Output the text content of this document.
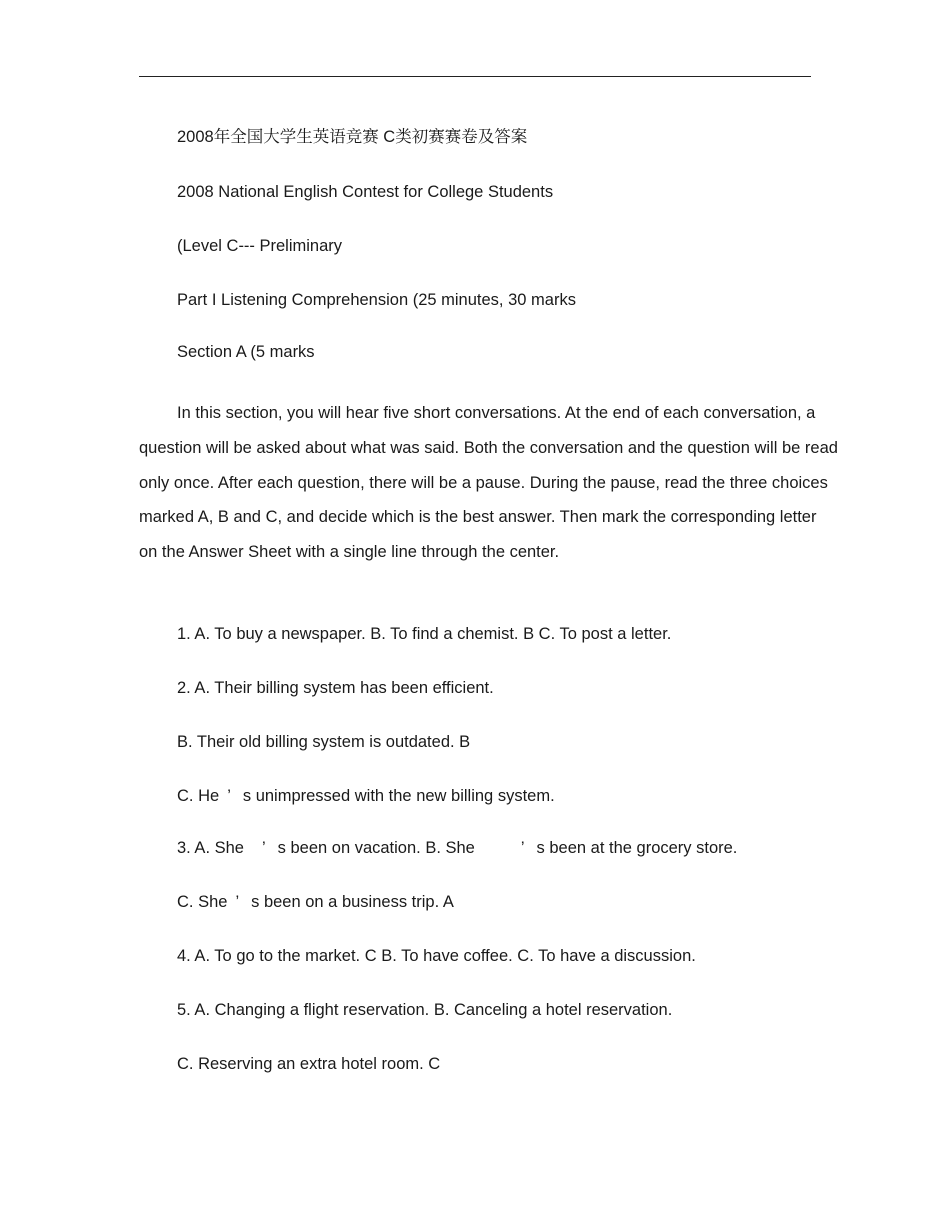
2008年全国大学生英语竞赛 C类初赛赛卷及答案
2008 National English Contest for College Students
(Level C--- Preliminary
Part I Listening Comprehension (25 minutes, 30 marks
Section A (5 marks

In this section, you will hear five short conversations. At the end of each conversation, a question will be asked about what was said. Both the conversation and the question will be read only once. After each question, there will be a pause. During the pause, read the three choices marked A, B and C, and decide which is the best answer. Then mark the corresponding letter on the Answer Sheet with a single line through the center.

1. A. To buy a newspaper. B. To find a chemist. B C. To post a letter.
2. A. Their billing system has been efficient.
B. Their old billing system is outdated. B
C. He ’ s unimpressed with the new billing system.
3. A. She ’ s been on vacation. B. She	’ s been at the grocery store.
C. She ’ s been on a business trip. A
4. A. To go to the market. C B. To have coffee. C. To have a discussion.
5. A. Changing a flight reservation. B. Canceling a hotel reservation.
C. Reserving an extra hotel room. C
